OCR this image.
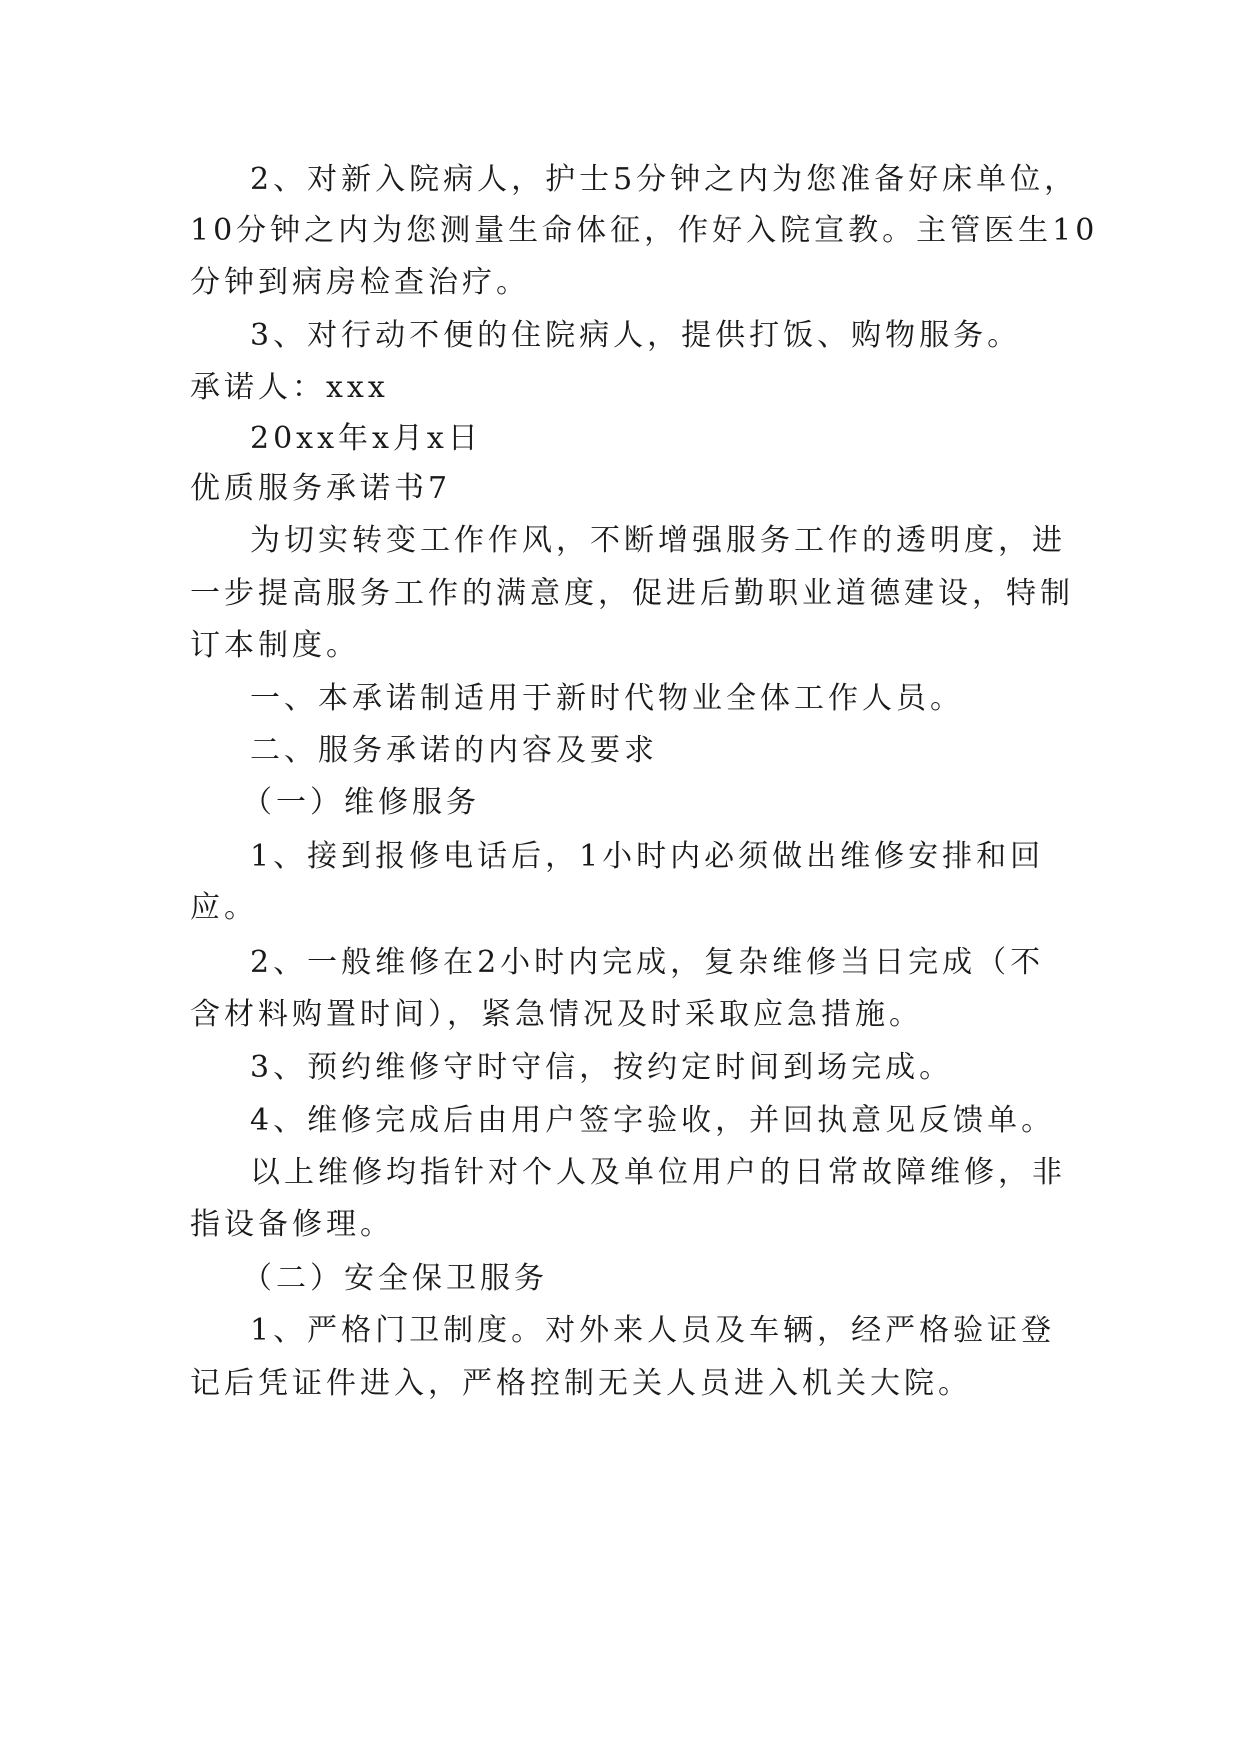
2、对新入院病人，护士5分钟之内为您准备好床单位，
10分钟之内为您测量生命体征，作好入院宣教。主管医生10
分钟到病房检查治疗。
3、对行动不便的住院病人，提供打饭、购物服务。
承诺人：xxx
20xx年x月x日
优质服务承诺书7
为切实转变工作作风，不断增强服务工作的透明度，进
一步提高服务工作的满意度，促进后勤职业道德建设，特制
订本制度。
一、本承诺制适用于新时代物业全体工作人员。
二、服务承诺的内容及要求
（一）维修服务
1、接到报修电话后，1小时内必须做出维修安排和回
应。
2、一般维修在2小时内完成，复杂维修当日完成（不
含材料购置时间），紧急情况及时采取应急措施。
3、预约维修守时守信，按约定时间到场完成。
4、维修完成后由用户签字验收，并回执意见反馈单。
以上维修均指针对个人及单位用户的日常故障维修，非
指设备修理。
（二）安全保卫服务
1、严格门卫制度。对外来人员及车辆，经严格验证登
记后凭证件进入，严格控制无关人员进入机关大院。
